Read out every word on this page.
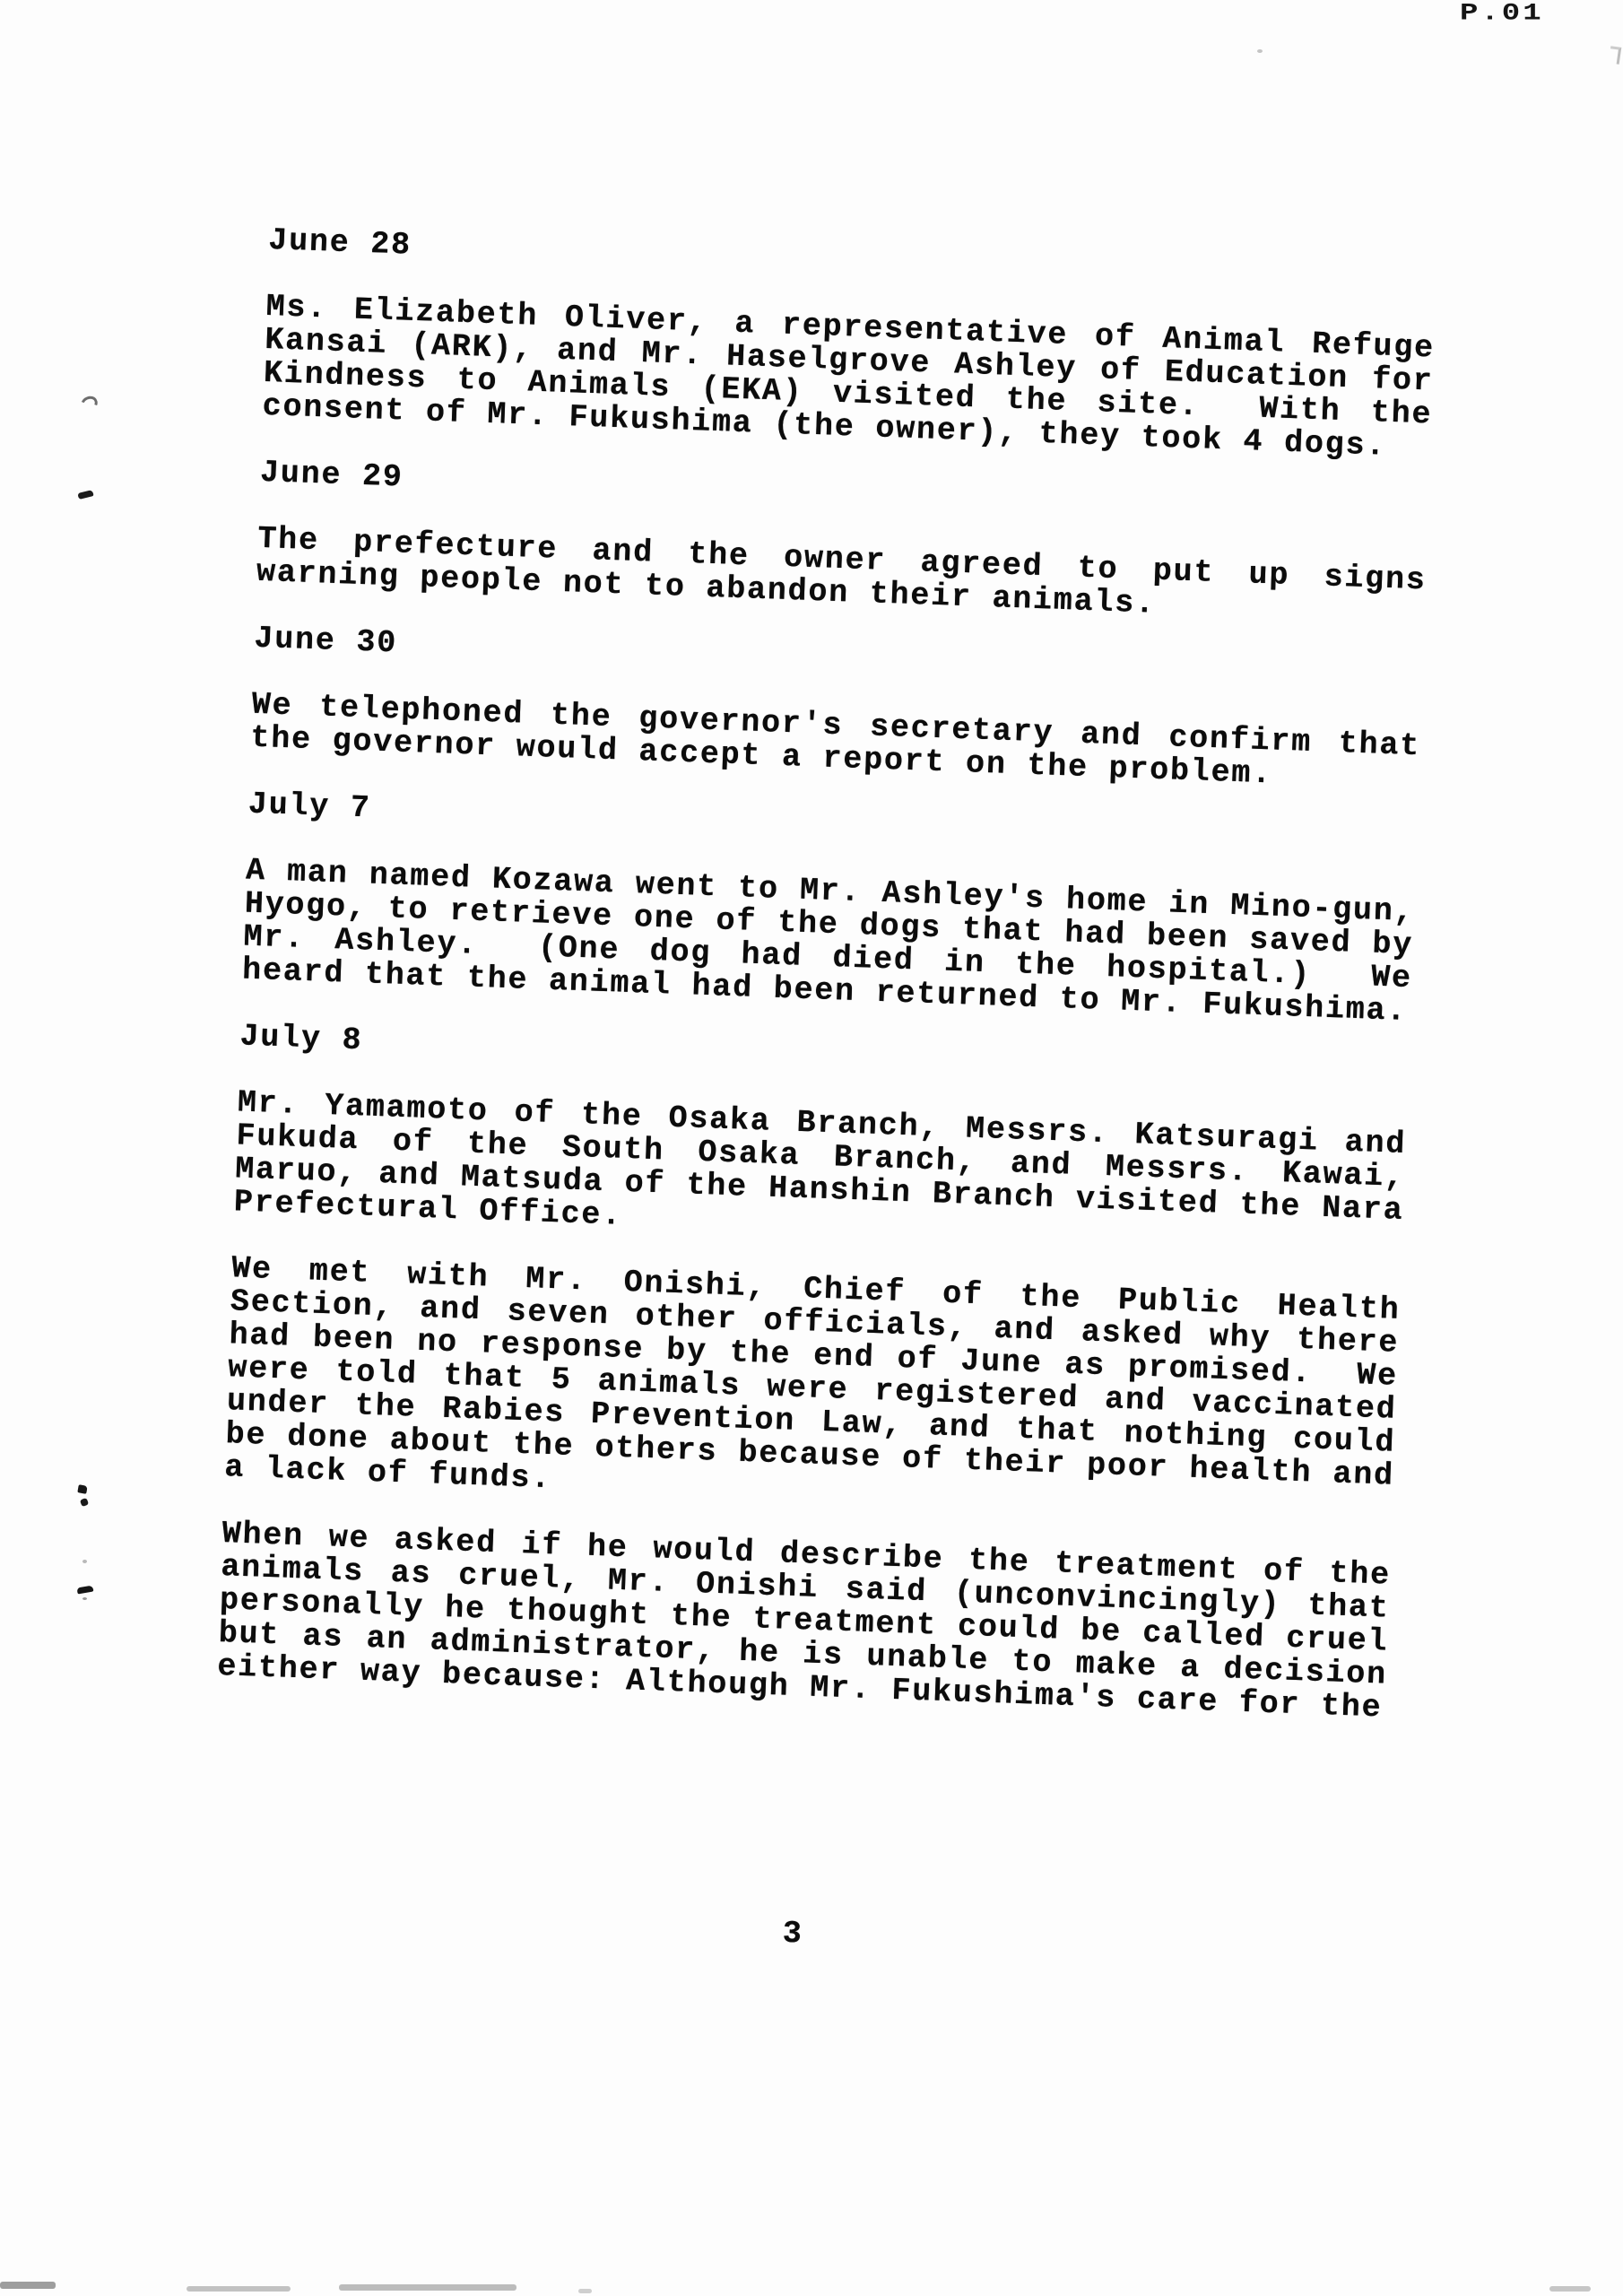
P.01
June 28

Ms. Elizabeth Oliver, a representative of Animal Refuge Kansai (ARK), and Mr. Haselgrove Ashley of Education for Kindness to Animals (EKA) visited the site.  With the consent of Mr. Fukushima (the owner), they took 4 dogs.

June 29

The prefecture and the owner agreed to put up signs warning people not to abandon their animals.

June 30

We telephoned the governor's secretary and confirm that the governor would accept a report on the problem.

July 7

A man named Kozawa went to Mr. Ashley's home in Mino-gun, Hyogo, to retrieve one of the dogs that had been saved by Mr. Ashley.  (One dog had died in the hospital.)  We heard that the animal had been returned to Mr. Fukushima.

July 8

Mr. Yamamoto of the Osaka Branch, Messrs. Katsuragi and Fukuda of the South Osaka Branch, and Messrs. Kawai, Maruo, and Matsuda of the Hanshin Branch visited the Nara Prefectural Office.

We met with Mr. Onishi, Chief of the Public Health Section, and seven other officials, and asked why there had been no response by the end of June as promised.  We were told that 5 animals were registered and vaccinated under the Rabies Prevention Law, and that nothing could be done about the others because of their poor health and a lack of funds.

When we asked if he would describe the treatment of the animals as cruel, Mr. Onishi said (unconvincingly) that personally he thought the treatment could be called cruel but as an administrator, he is unable to make a decision either way because: Although Mr. Fukushima's care for the

3
